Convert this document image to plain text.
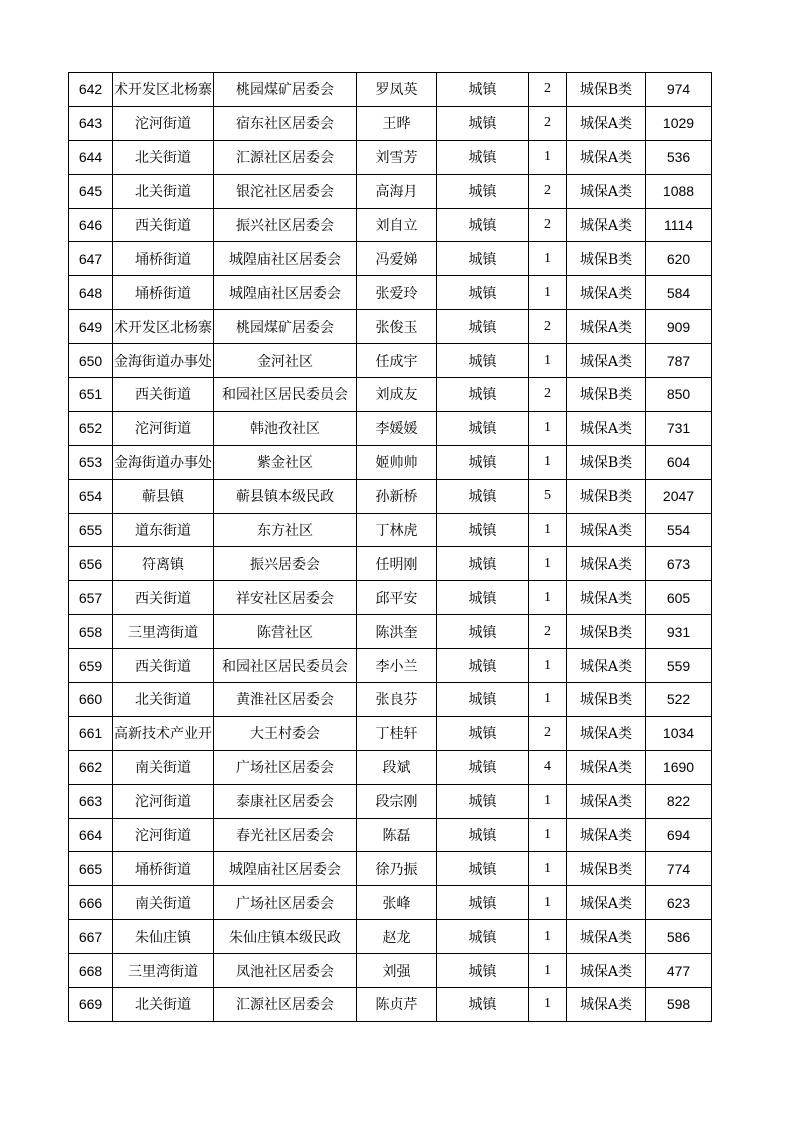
642	术开发区北杨寨	桃园煤矿居委会	罗凤英	城镇	2	城保B类	974
643	沱河街道	宿东社区居委会	王晔	城镇	2	城保A类	1029
644	北关街道	汇源社区居委会	刘雪芳	城镇	1	城保A类	536
645	北关街道	银沱社区居委会	高海月	城镇	2	城保A类	1088
646	西关街道	振兴社区居委会	刘自立	城镇	2	城保A类	1114
647	埇桥街道	城隍庙社区居委会	冯爱娣	城镇	1	城保B类	620
648	埇桥街道	城隍庙社区居委会	张爱玲	城镇	1	城保A类	584
649	术开发区北杨寨	桃园煤矿居委会	张俊玉	城镇	2	城保A类	909
650	金海街道办事处	金河社区	任成宇	城镇	1	城保A类	787
651	西关街道	和园社区居民委员会	刘成友	城镇	2	城保B类	850
652	沱河街道	韩池孜社区	李媛媛	城镇	1	城保A类	731
653	金海街道办事处	紫金社区	姬帅帅	城镇	1	城保B类	604
654	蕲县镇	蕲县镇本级民政	孙新桥	城镇	5	城保B类	2047
655	道东街道	东方社区	丁林虎	城镇	1	城保A类	554
656	符离镇	振兴居委会	任明刚	城镇	1	城保A类	673
657	西关街道	祥安社区居委会	邱平安	城镇	1	城保A类	605
658	三里湾街道	陈营社区	陈洪奎	城镇	2	城保B类	931
659	西关街道	和园社区居民委员会	李小兰	城镇	1	城保A类	559
660	北关街道	黄淮社区居委会	张良芬	城镇	1	城保B类	522
661	高新技术产业开	大王村委会	丁桂轩	城镇	2	城保A类	1034
662	南关街道	广场社区居委会	段斌	城镇	4	城保A类	1690
663	沱河街道	泰康社区居委会	段宗刚	城镇	1	城保A类	822
664	沱河街道	春光社区居委会	陈磊	城镇	1	城保A类	694
665	埇桥街道	城隍庙社区居委会	徐乃振	城镇	1	城保B类	774
666	南关街道	广场社区居委会	张峰	城镇	1	城保A类	623
667	朱仙庄镇	朱仙庄镇本级民政	赵龙	城镇	1	城保A类	586
668	三里湾街道	凤池社区居委会	刘强	城镇	1	城保A类	477
669	北关街道	汇源社区居委会	陈贞芹	城镇	1	城保A类	598
